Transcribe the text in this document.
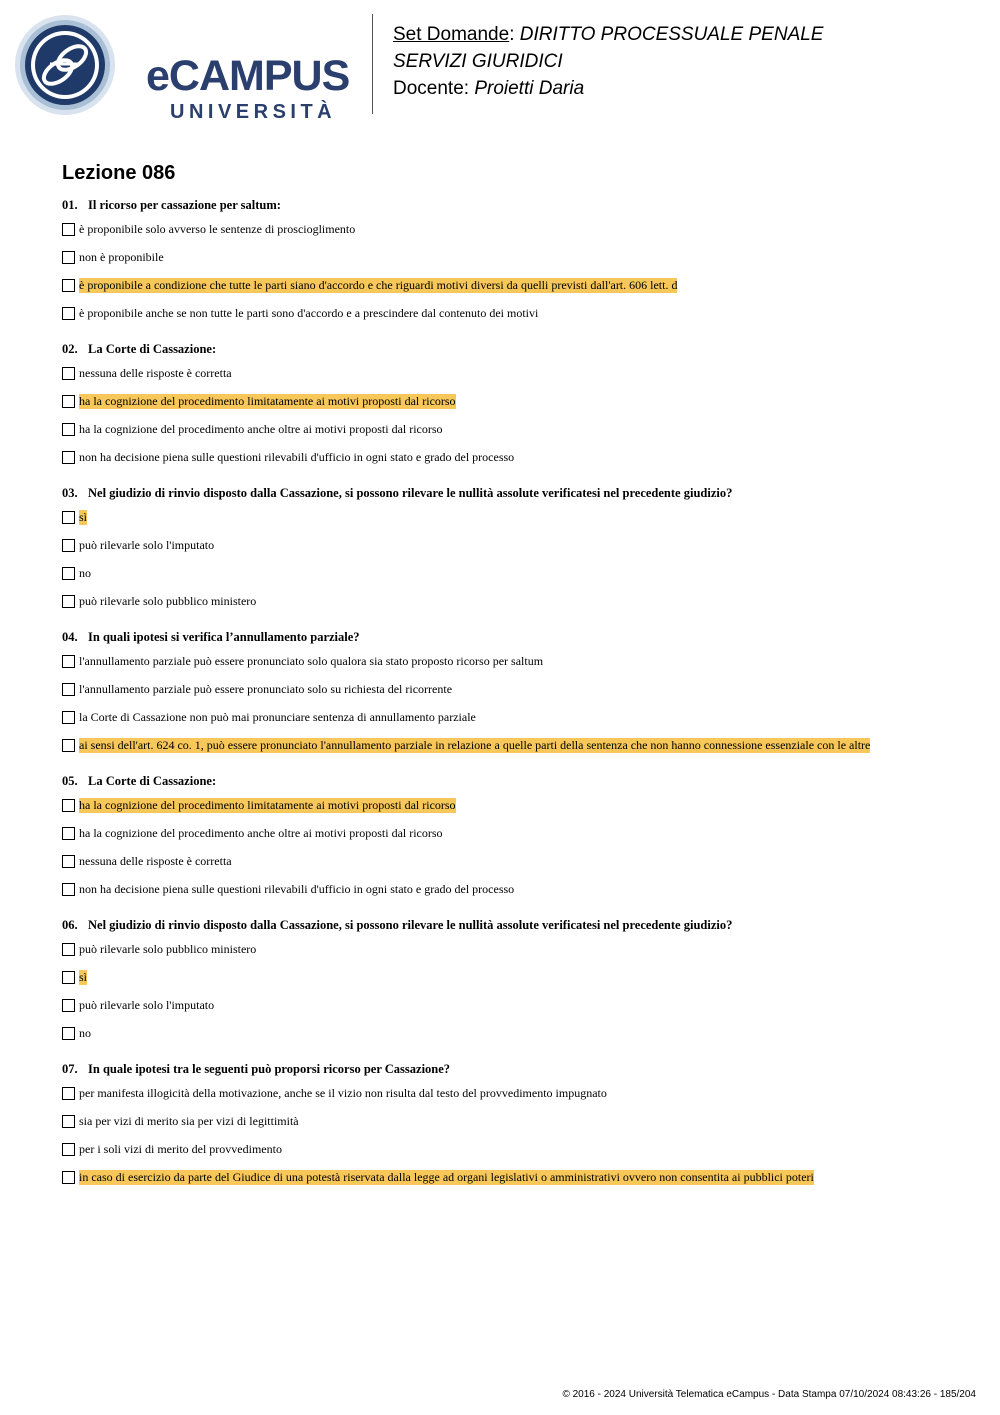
eCAMPUS
UNIVERSITÀ
Set Domande: DIRITTO PROCESSUALE PENALE
SERVIZI GIURIDICI
Docente: Proietti Daria
Lezione 086
01. Il ricorso per cassazione per saltum:
è proponibile solo avverso le sentenze di proscioglimento
non è proponibile
è proponibile a condizione che tutte le parti siano d'accordo e che riguardi motivi diversi da quelli previsti dall'art. 606 lett. d
è proponibile anche se non tutte le parti sono d'accordo e a prescindere dal contenuto dei motivi
02. La Corte di Cassazione:
nessuna delle risposte è corretta
ha la cognizione del procedimento limitatamente ai motivi proposti dal ricorso
ha la cognizione del procedimento anche oltre ai motivi proposti dal ricorso
non ha decisione piena sulle questioni rilevabili d'ufficio in ogni stato e grado del processo
03. Nel giudizio di rinvio disposto dalla Cassazione, si possono rilevare le nullità assolute verificatesi nel precedente giudizio?
sì
può rilevarle solo l'imputato
no
può rilevarle solo pubblico ministero
04. In quali ipotesi si verifica l’annullamento parziale?
l'annullamento parziale può essere pronunciato solo qualora sia stato proposto ricorso per saltum
l'annullamento parziale può essere pronunciato solo su richiesta del ricorrente
la Corte di Cassazione non può mai pronunciare sentenza di annullamento parziale
ai sensi dell'art. 624 co. 1, può essere pronunciato l'annullamento parziale in relazione a quelle parti della sentenza che non hanno connessione essenziale con le altre
05. La Corte di Cassazione:
ha la cognizione del procedimento limitatamente ai motivi proposti dal ricorso
ha la cognizione del procedimento anche oltre ai motivi proposti dal ricorso
nessuna delle risposte è corretta
non ha decisione piena sulle questioni rilevabili d'ufficio in ogni stato e grado del processo
06. Nel giudizio di rinvio disposto dalla Cassazione, si possono rilevare le nullità assolute verificatesi nel precedente giudizio?
può rilevarle solo pubblico ministero
sì
può rilevarle solo l'imputato
no
07. In quale ipotesi tra le seguenti può proporsi ricorso per Cassazione?
per manifesta illogicità della motivazione, anche se il vizio non risulta dal testo del provvedimento impugnato
sia per vizi di merito sia per vizi di legittimità
per i soli vizi di merito del provvedimento
in caso di esercizio da parte del Giudice di una potestà riservata dalla legge ad organi legislativi o amministrativi ovvero non consentita ai pubblici poteri
© 2016 - 2024 Università Telematica eCampus - Data Stampa 07/10/2024 08:43:26 - 185/204
